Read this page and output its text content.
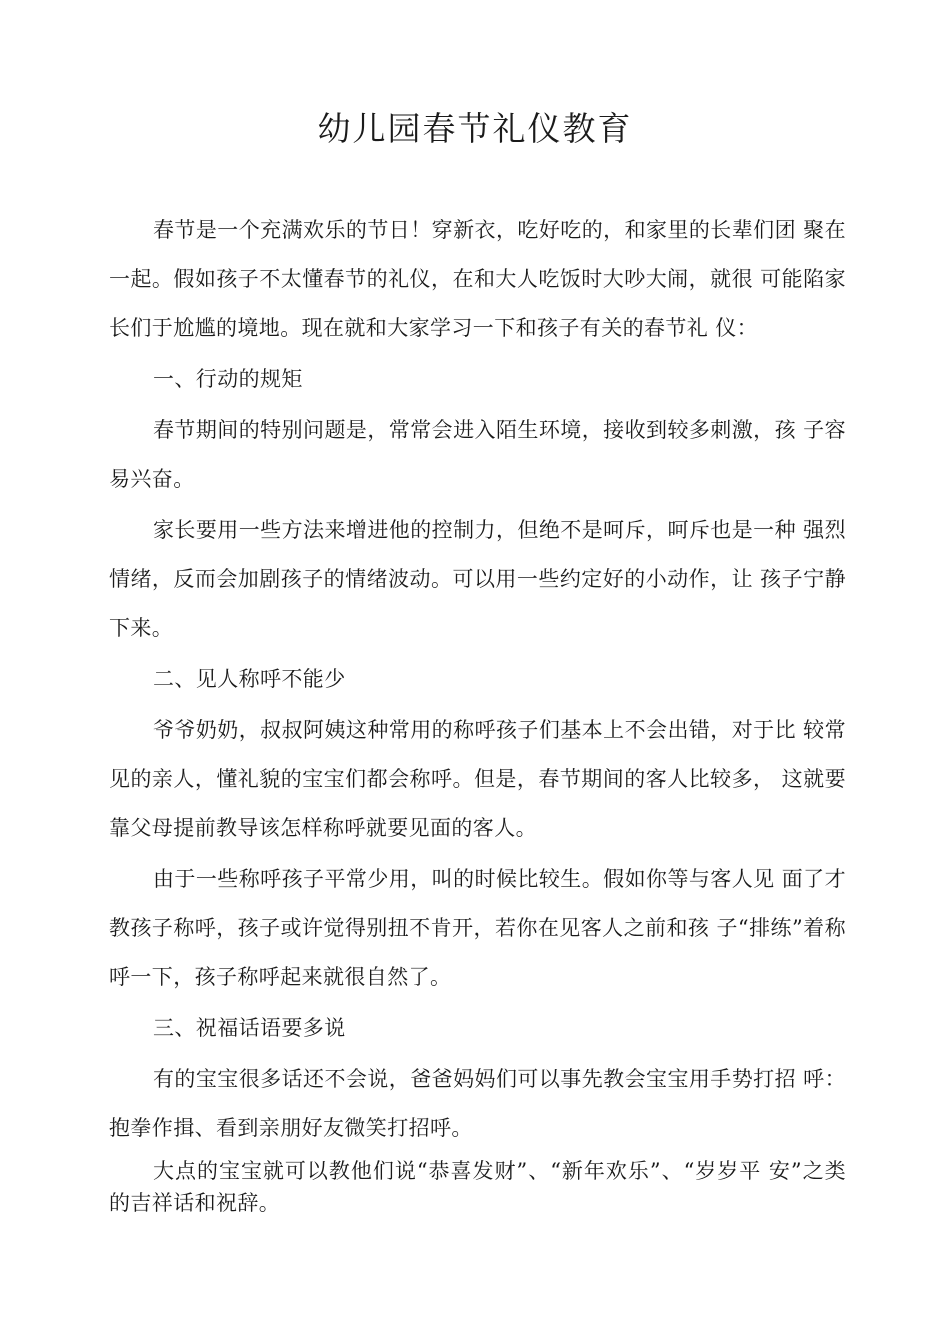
幼儿园春节礼仪教育

春节是一个充满欢乐的节日！穿新衣，吃好吃的，和家里的长辈们团 聚在一起。假如孩子不太懂春节的礼仪，在和大人吃饭时大吵大闹，就很 可能陷家长们于尬尴的境地。现在就和大家学习一下和孩子有关的春节礼 仪：

一、行动的规矩

春节期间的特别问题是，常常会进入陌生环境，接收到较多刺激，孩 子容易兴奋。

家长要用一些方法来增进他的控制力，但绝不是呵斥，呵斥也是一种 强烈情绪，反而会加剧孩子的情绪波动。可以用一些约定好的小动作，让 孩子宁静下来。

二、见人称呼不能少

爷爷奶奶，叔叔阿姨这种常用的称呼孩子们基本上不会出错，对于比 较常见的亲人，懂礼貌的宝宝们都会称呼。但是，春节期间的客人比较多， 这就要靠父母提前教导该怎样称呼就要见面的客人。

由于一些称呼孩子平常少用，叫的时候比较生。假如你等与客人见 面了才教孩子称呼，孩子或许觉得别扭不肯开，若你在见客人之前和孩 子“排练”着称呼一下，孩子称呼起来就很自然了。

三、祝福话语要多说

有的宝宝很多话还不会说，爸爸妈妈们可以事先教会宝宝用手势打招 呼：抱拳作揖、看到亲朋好友微笑打招呼。

大点的宝宝就可以教他们说“恭喜发财”、“新年欢乐”、“岁岁平 安”之类的吉祥话和祝辞。
